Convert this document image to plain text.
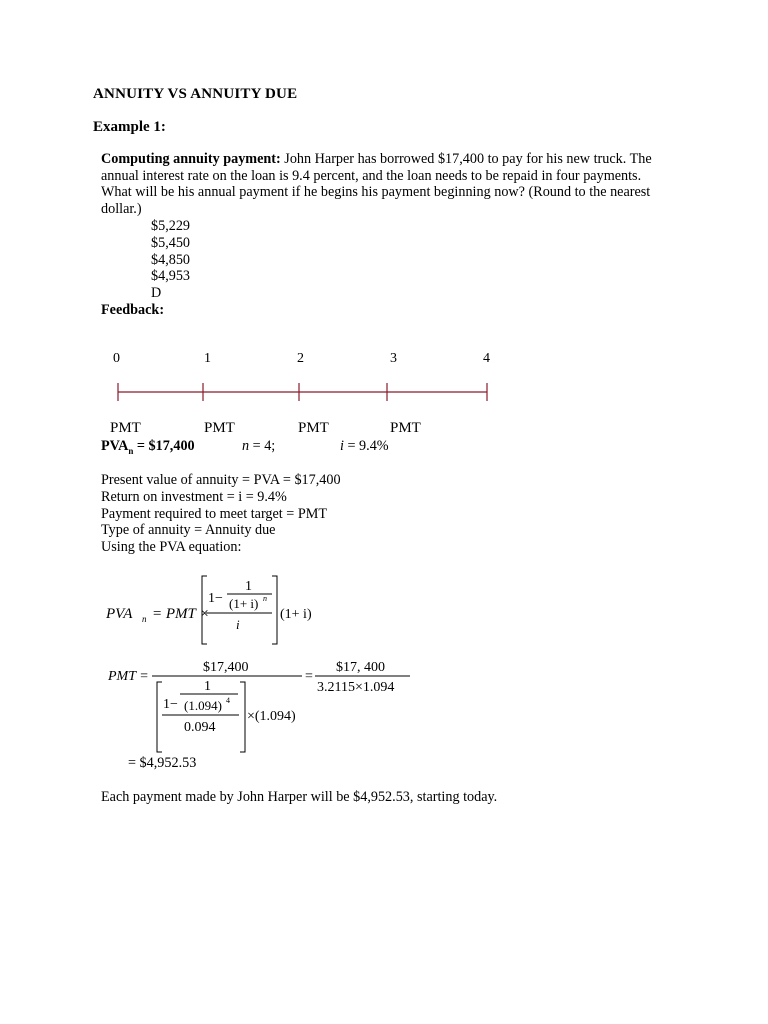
ANNUITY VS ANNUITY DUE
Example 1:
Computing annuity payment: John Harper has borrowed $17,400 to pay for his new truck. The annual interest rate on the loan is 9.4 percent, and the loan needs to be repaid in four payments. What will be his annual payment if he begins his payment beginning now? (Round to the nearest dollar.)
$5,229
$5,450
$4,850
$4,953
D
Feedback:
0	1	2	3	4
PMT	PMT	PMT	PMT
$PVA_n$ = $17,400	n = 4;	i = 9.4%
Present value of annuity = PVA = $17,400
Return on investment = i = 9.4%
Payment required to meet target = PMT
Type of annuity = Annuity due
Using the PVA equation:
PVA n = PMT ×
1−
1
(1+ i) n
i
(1+ i)
PMT =
$17,400
1−
1
(1.094) 4
0.094
×(1.094)
=
$17, 400
3.2115×1.094
= $4,952.53
Each payment made by John Harper will be $4,952.53, starting today.
